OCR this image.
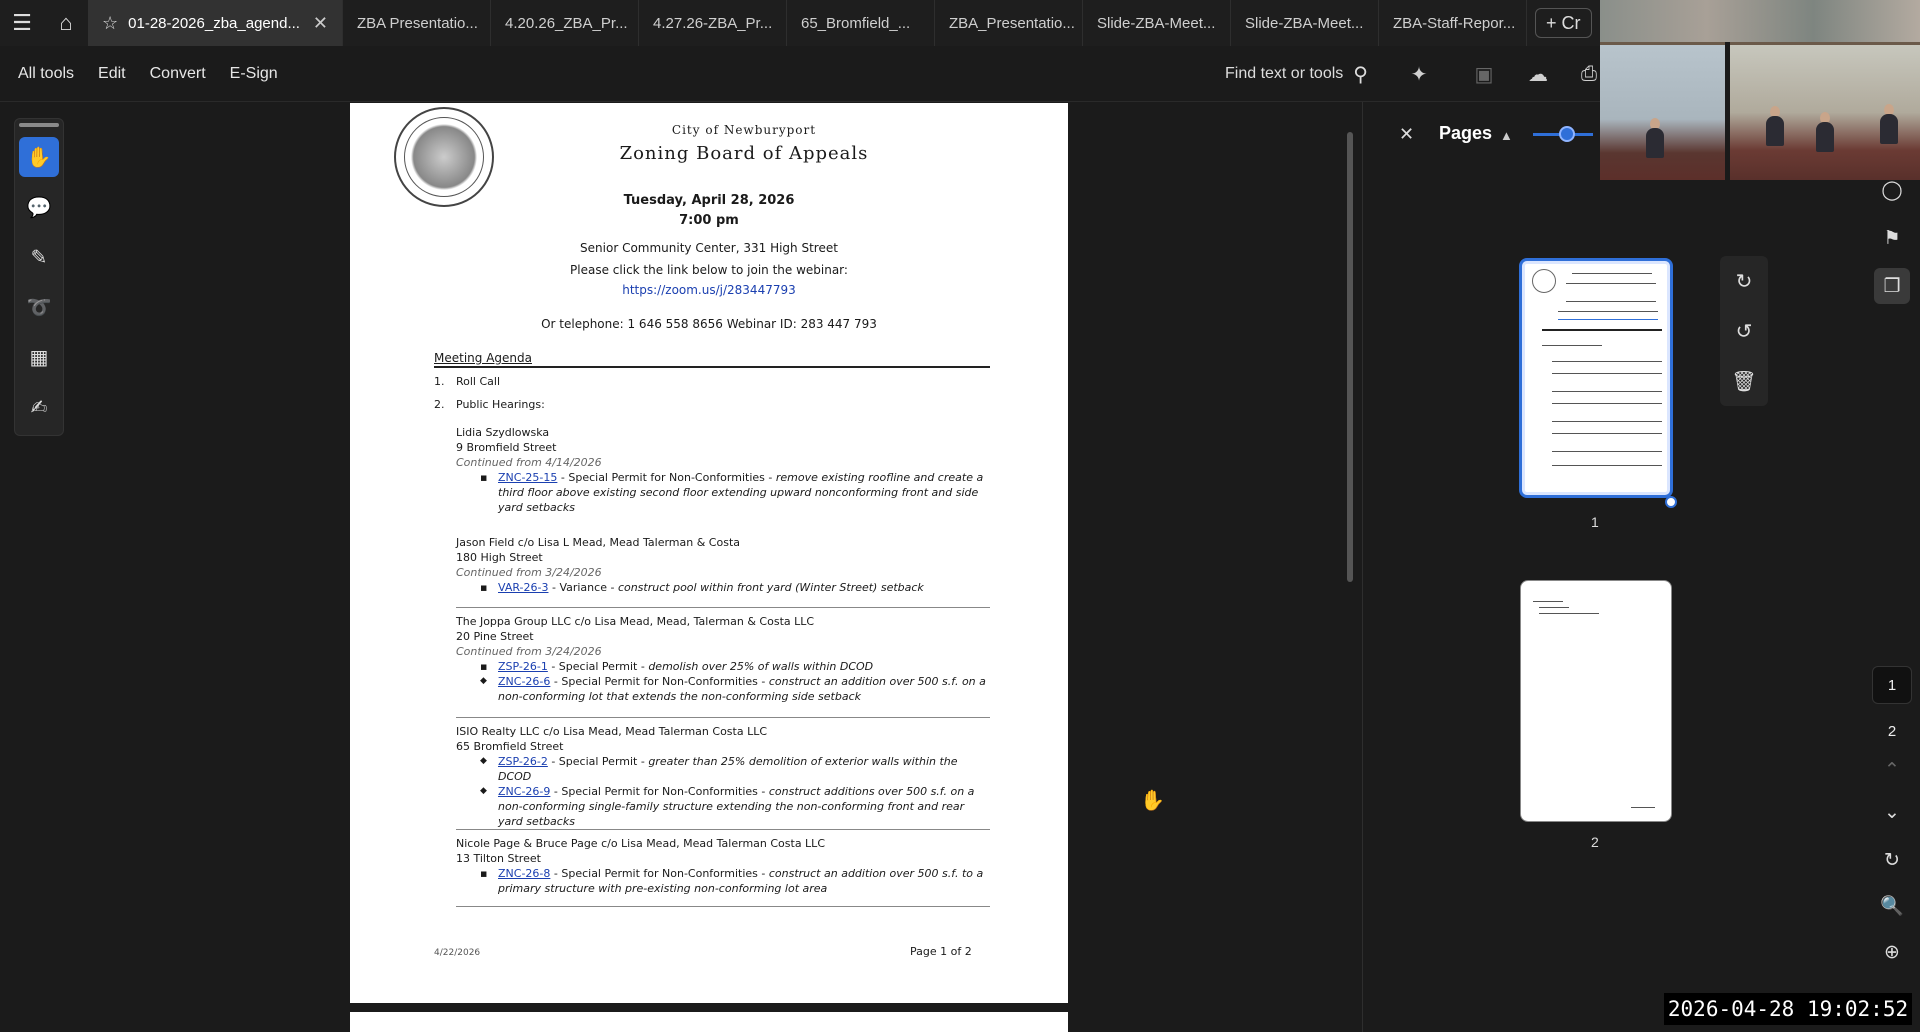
☰	⌂	☆ 01-28-2026_zba_agend... ✕ ZBA Presentatio... 4.20.26_ZBA_Pr... 4.27.26-ZBA_Pr... 65_Bromfield_...	ZBA_Presentatio... Slide-ZBA-Meet... Slide-ZBA-Meet... ZBA-Staff-Repor...	+ Cr
All tools Edit Convert E-Sign	Find text or tools ⚲ ✦ ▣ ☁	⎙
✋
💬
✎
➰
▦
✍
City of Newburyport
Zoning Board of Appeals
Tuesday, April 28, 2026
7:00 pm
Senior Community Center, 331 High Street
Please click the link below to join the webinar:
https://zoom.us/j/283447793
Or telephone: 1 646 558 8656 Webinar ID: 283 447 793
Meeting Agenda
1. Roll Call
2. Public Hearings:
Lidia Szydlowska
9 Bromfield Street
Continued from 4/14/2026
▪ ZNC-25-15 - Special Permit for Non-Conformities - remove existing roofline and create a third floor above existing second floor extending upward nonconforming front and side yard setbacks
Jason Field c/o Lisa L Mead, Mead Talerman & Costa
180 High Street
Continued from 3/24/2026
▪ VAR-26-3 - Variance - construct pool within front yard (Winter Street) setback
The Joppa Group LLC c/o Lisa Mead, Mead, Talerman & Costa LLC
20 Pine Street
Continued from 3/24/2026
▪ ZSP-26-1 - Special Permit - demolish over 25% of walls within DCOD
◆ ZNC-26-6 - Special Permit for Non-Conformities - construct an addition over 500 s.f. on a non-conforming lot that extends the non-conforming side setback
ISIO Realty LLC c/o Lisa Mead, Mead Talerman Costa LLC
65 Bromfield Street
◆ ZSP-26-2 - Special Permit - greater than 25% demolition of exterior walls within the DCOD
◆ ZNC-26-9 - Special Permit for Non-Conformities - construct additions over 500 s.f. on a non-conforming single-family structure extending the non-conforming front and rear yard setbacks
Nicole Page & Bruce Page c/o Lisa Mead, Mead Talerman Costa LLC
13 Tilton Street
▪ ZNC-26-8 - Special Permit for Non-Conformities - construct an addition over 500 s.f. to a primary structure with pre-existing non-conforming lot area
4/22/2026	Page 1 of 2
✋
✕ Pages ▲
1
2
↻
↺
🗑
◯
⚑
❐
1
2
⌃
⌄
↻
🔍
⊕
2026-04-28 19:02:52
